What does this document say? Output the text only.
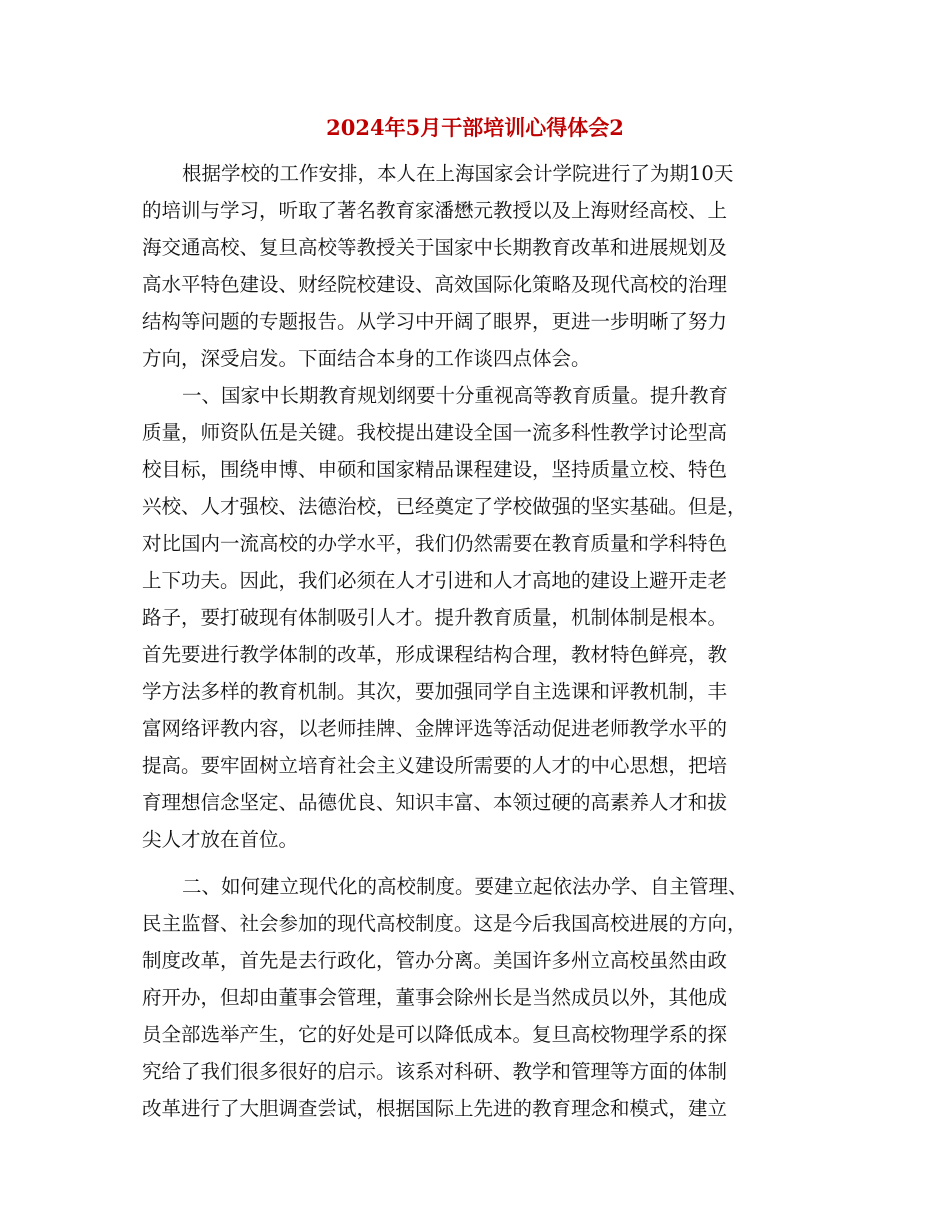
2024年5月干部培训心得体会2
根据学校的工作安排，本人在上海国家会计学院进行了为期10天
的培训与学习，听取了著名教育家潘懋元教授以及上海财经高校、上
海交通高校、复旦高校等教授关于国家中长期教育改革和进展规划及
高水平特色建设、财经院校建设、高效国际化策略及现代高校的治理
结构等问题的专题报告。从学习中开阔了眼界，更进一步明晰了努力
方向，深受启发。下面结合本身的工作谈四点体会。
一、国家中长期教育规划纲要十分重视高等教育质量。提升教育
质量，师资队伍是关键。我校提出建设全国一流多科性教学讨论型高
校目标，围绕申博、申硕和国家精品课程建设，坚持质量立校、特色
兴校、人才强校、法德治校，已经奠定了学校做强的坚实基础。但是，
对比国内一流高校的办学水平，我们仍然需要在教育质量和学科特色
上下功夫。因此，我们必须在人才引进和人才高地的建设上避开走老
路子，要打破现有体制吸引人才。提升教育质量，机制体制是根本。
首先要进行教学体制的改革，形成课程结构合理，教材特色鲜亮，教
学方法多样的教育机制。其次，要加强同学自主选课和评教机制，丰
富网络评教内容，以老师挂牌、金牌评选等活动促进老师教学水平的
提高。要牢固树立培育社会主义建设所需要的人才的中心思想，把培
育理想信念坚定、品德优良、知识丰富、本领过硬的高素养人才和拔
尖人才放在首位。
二、如何建立现代化的高校制度。要建立起依法办学、自主管理、
民主监督、社会参加的现代高校制度。这是今后我国高校进展的方向，
制度改革，首先是去行政化，管办分离。美国许多州立高校虽然由政
府开办，但却由董事会管理，董事会除州长是当然成员以外，其他成
员全部选举产生，它的好处是可以降低成本。复旦高校物理学系的探
究给了我们很多很好的启示。该系对科研、教学和管理等方面的体制
改革进行了大胆调查尝试，根据国际上先进的教育理念和模式，建立
